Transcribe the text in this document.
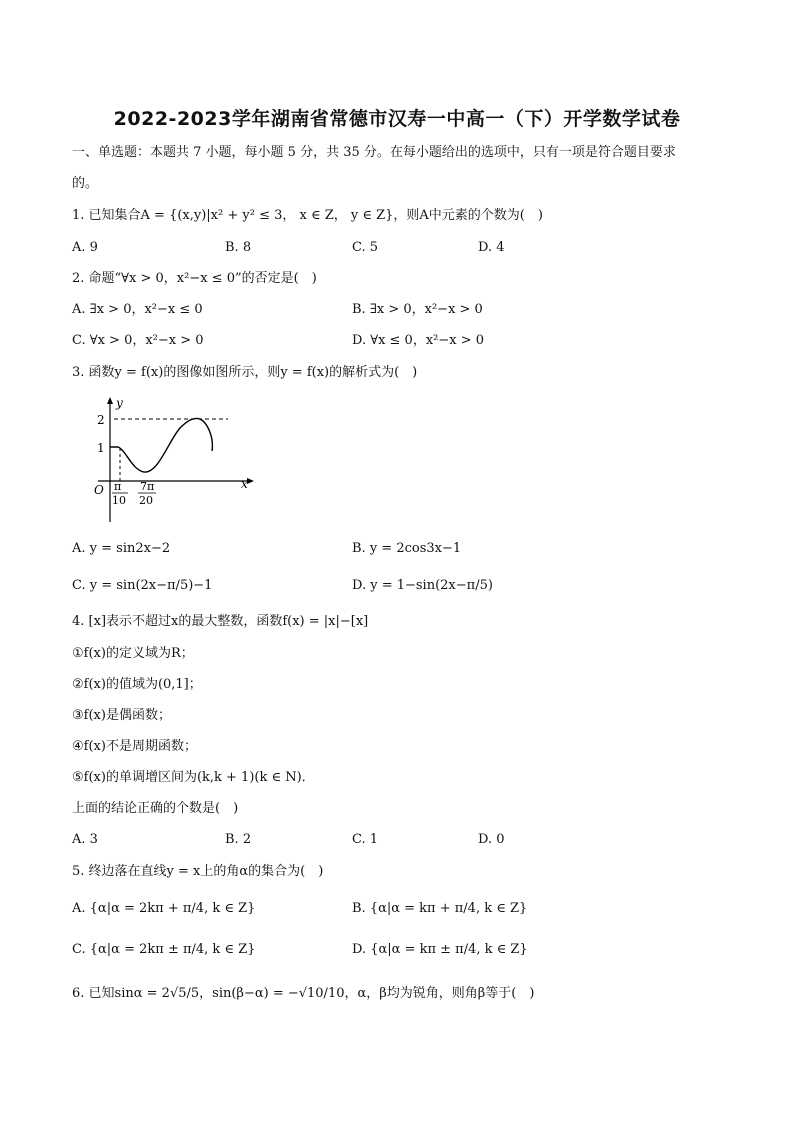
2022-2023学年湖南省常德市汉寿一中高一（下）开学数学试卷
一、单选题：本题共 7 小题，每小题 5 分，共 35 分。在每小题给出的选项中，只有一项是符合题目要求
的。
1. 已知集合A = {(x,y)|x² + y² ≤ 3， x ∈ Z， y ∈ Z}，则A中元素的个数为(　)
A. 9	B. 8	C. 5	D. 4
2. 命题“∀x > 0，x²−x ≤ 0”的否定是(　)
A. ∃x > 0，x²−x ≤ 0	B. ∃x > 0，x²−x > 0
C. ∀x > 0，x²−x > 0	D. ∀x ≤ 0，x²−x > 0
3. 函数y = f(x)的图像如图所示，则y = f(x)的解析式为(　)
y
x
O
2
1
π
10
7π
20
A. y = sin2x−2	B. y = 2cos3x−1
C. y = sin(2x−π/5)−1	D. y = 1−sin(2x−π/5)
4. [x]表示不超过x的最大整数，函数f(x) = |x|−[x]
①f(x)的定义域为R；
②f(x)的值域为(0,1]；
③f(x)是偶函数；
④f(x)不是周期函数；
⑤f(x)的单调增区间为(k,k + 1)(k ∈ N)．
上面的结论正确的个数是(　)
A. 3	B. 2	C. 1	D. 0
5. 终边落在直线y = x上的角α的集合为(　)
A. {α|α = 2kπ + π/4, k ∈ Z}	B. {α|α = kπ + π/4, k ∈ Z}
C. {α|α = 2kπ ± π/4, k ∈ Z}	D. {α|α = kπ ± π/4, k ∈ Z}
6. 已知sinα = 2√5/5，sin(β−α) = −√10/10，α，β均为锐角，则角β等于(　)
